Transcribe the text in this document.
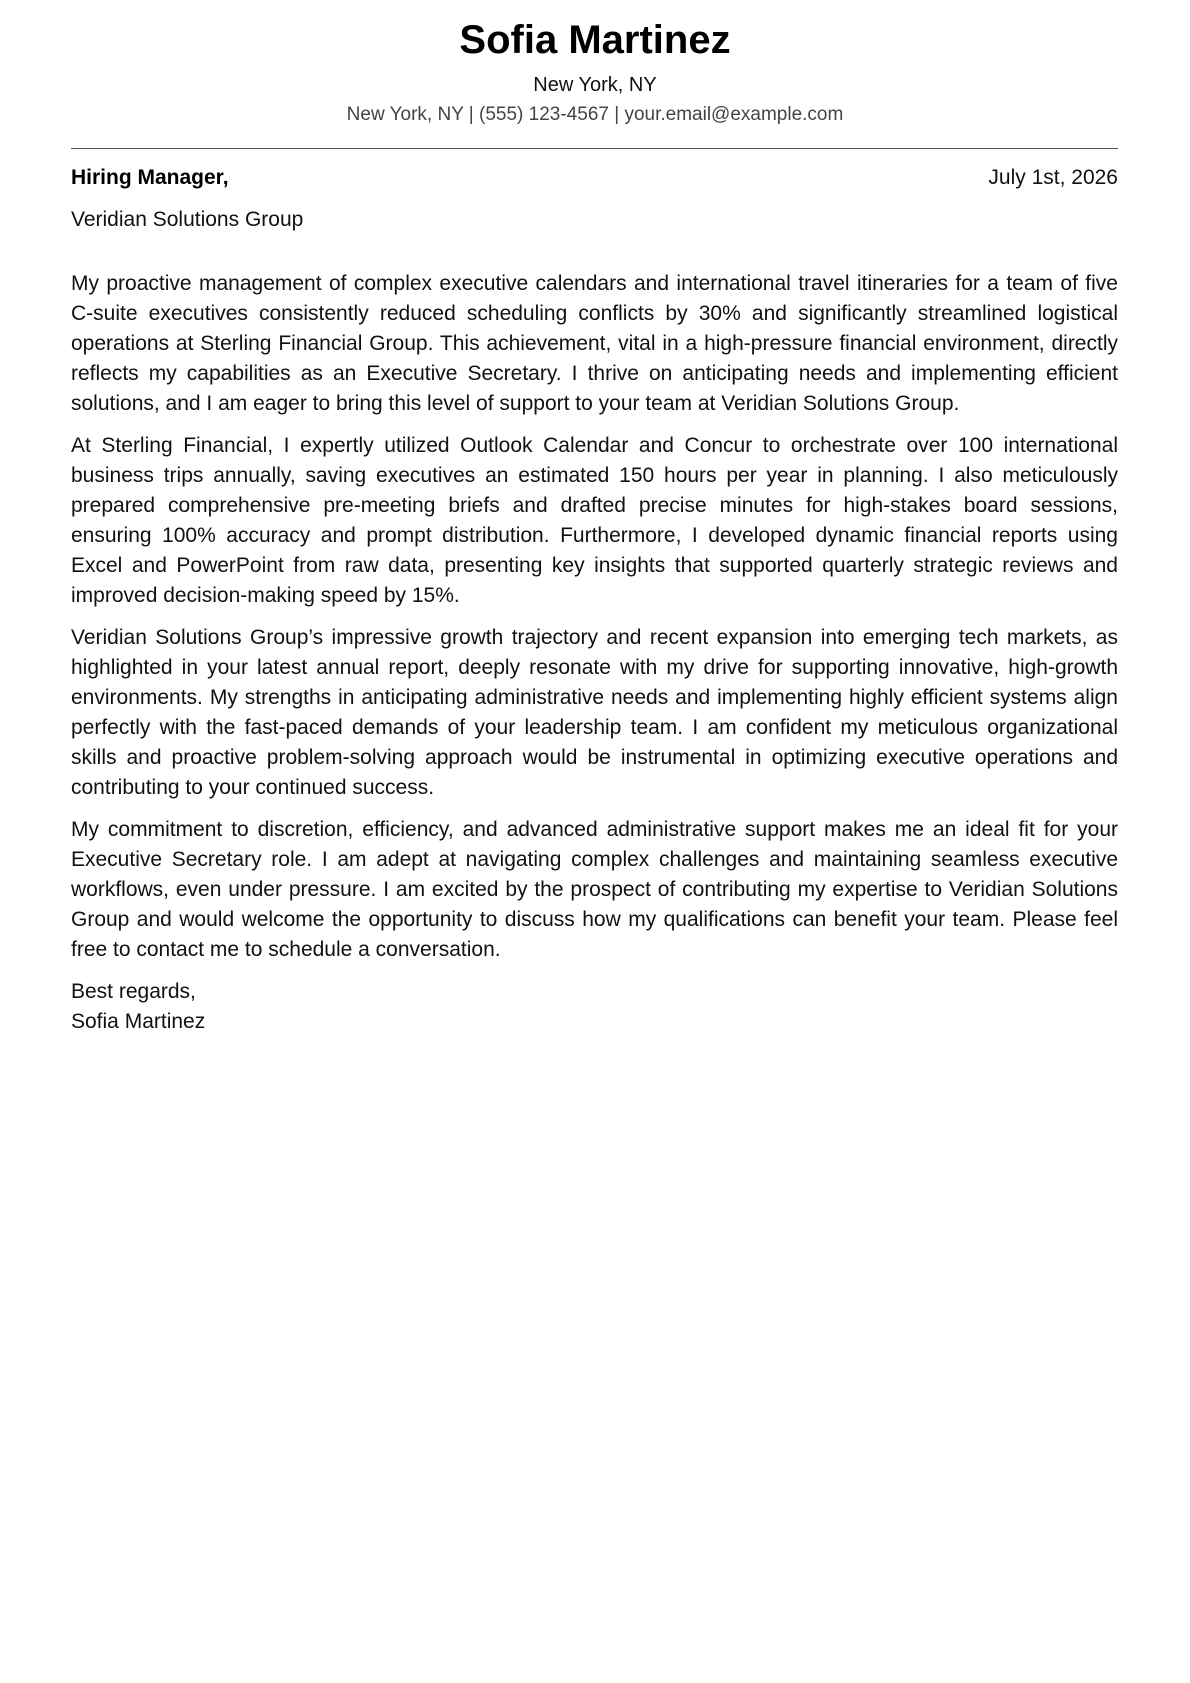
Sofia Martinez
New York, NY
New York, NY | (555) 123-4567 | your.email@example.com
Hiring Manager,	July 1st, 2026
Veridian Solutions Group

My proactive management of complex executive calendars and international travel itineraries for a team of five C-suite executives consistently reduced scheduling conflicts by 30% and significantly streamlined logistical operations at Sterling Financial Group. This achievement, vital in a high-pressure financial environment, directly reflects my capabilities as an Executive Secretary. I thrive on anticipating needs and implementing efficient solutions, and I am eager to bring this level of support to your team at Veridian Solutions Group.

At Sterling Financial, I expertly utilized Outlook Calendar and Concur to orchestrate over 100 international business trips annually, saving executives an estimated 150 hours per year in planning. I also meticulously prepared comprehensive pre-meeting briefs and drafted precise minutes for high-stakes board sessions, ensuring 100% accuracy and prompt distribution. Furthermore, I developed dynamic financial reports using Excel and PowerPoint from raw data, presenting key insights that supported quarterly strategic reviews and improved decision-making speed by 15%.

Veridian Solutions Group’s impressive growth trajectory and recent expansion into emerging tech markets, as highlighted in your latest annual report, deeply resonate with my drive for supporting innovative, high-growth environments. My strengths in anticipating administrative needs and implementing highly efficient systems align perfectly with the fast-paced demands of your leadership team. I am confident my meticulous organizational skills and proactive problem-solving approach would be instrumental in optimizing executive operations and contributing to your continued success.

My commitment to discretion, efficiency, and advanced administrative support makes me an ideal fit for your Executive Secretary role. I am adept at navigating complex challenges and maintaining seamless executive workflows, even under pressure. I am excited by the prospect of contributing my expertise to Veridian Solutions Group and would welcome the opportunity to discuss how my qualifications can benefit your team. Please feel free to contact me to schedule a conversation.

Best regards,
Sofia Martinez
